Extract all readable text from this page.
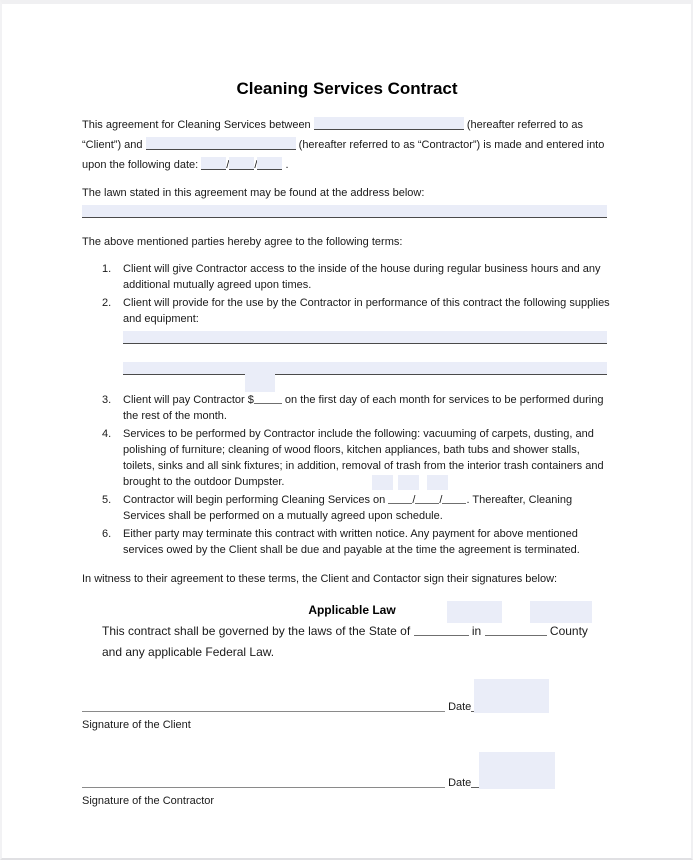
Cleaning Services Contract

This agreement for Cleaning Services between	(hereafter referred to as “Client”) and	(hereafter referred to as “Contractor”) is made and entered into upon the following date:	/ /	.

The lawn stated in this agreement may be found at the address below:

The above mentioned parties hereby agree to the following terms:

1. Client will give Contractor access to the inside of the house during regular business hours and any additional mutually agreed upon times.
2. Client will provide for the use by the Contractor in performance of this contract the following supplies and equipment:
3. Client will pay Contractor $	on the first day of each month for services to be performed during the rest of the month.
4. Services to be performed by Contractor include the following: vacuuming of carpets, dusting, and polishing of furniture; cleaning of wood floors, kitchen appliances, bath tubs and shower stalls, toilets, sinks and all sink fixtures; in addition, removal of trash from the interior trash containers and brought to the outdoor Dumpster.
5. Contractor will begin performing Cleaning Services on / / . Thereafter, Cleaning Services shall be performed on a mutually agreed upon schedule.
6. Either party may terminate this contract with written notice. Any payment for above mentioned services owed by the Client shall be due and payable at the time the agreement is terminated.

In witness to their agreement to these terms, the Client and Contactor sign their signatures below:

Applicable Law
This contract shall be governed by the laws of the State of	in	County and any applicable Federal Law.
Date
Signature of the Client
Date
Signature of the Contractor
